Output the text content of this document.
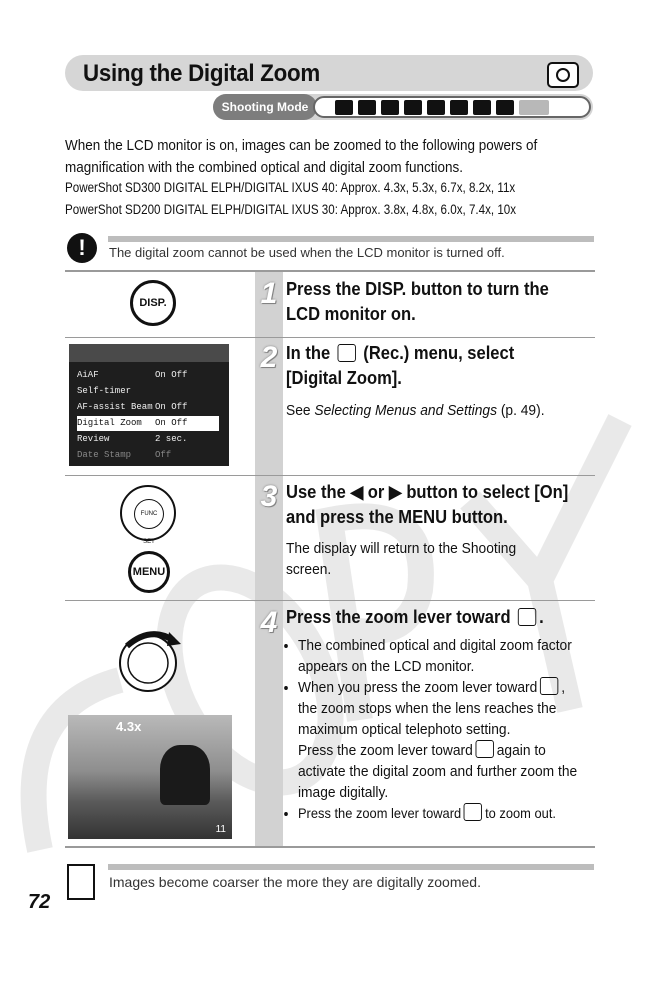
Using the Digital Zoom
Shooting Mode

When the LCD monitor is on, images can be zoomed to the following powers of magnification with the combined optical and digital zoom functions.

PowerShot SD300 DIGITAL ELPH/DIGITAL IXUS 40: Approx. 4.3x, 5.3x, 6.7x, 8.2x, 11x
PowerShot SD200 DIGITAL ELPH/DIGITAL IXUS 30: Approx. 3.8x, 4.8x, 6.0x, 7.4x, 10x
!	The digital zoom cannot be used when the LCD monitor is turned off.
1 Press the DISP. button to turn the LCD monitor on.
DISP.
2 In the (Rec.) menu, select [Digital Zoom].
See Selecting Menus and Settings (p. 49).
AiAF	On Off
Self-timer
AF-assist Beam On Off
Digital Zoom On Off
Review	2 sec.
Date Stamp	Off
3 Use the ◀ or ▶ button to select [On] and press the MENU button.
The display will return to the Shooting screen.
FUNC SET
MENU
4 Press the zoom lever toward .
• The combined optical and digital zoom factor appears on the LCD monitor.
• When you press the zoom lever toward , the zoom stops when the lens reaches the maximum optical telephoto setting.
Press the zoom lever toward again to activate the digital zoom and further zoom the image digitally.
• Press the zoom lever toward to zoom out.
4.3x
11
Images become coarser the more they are digitally zoomed.
72
